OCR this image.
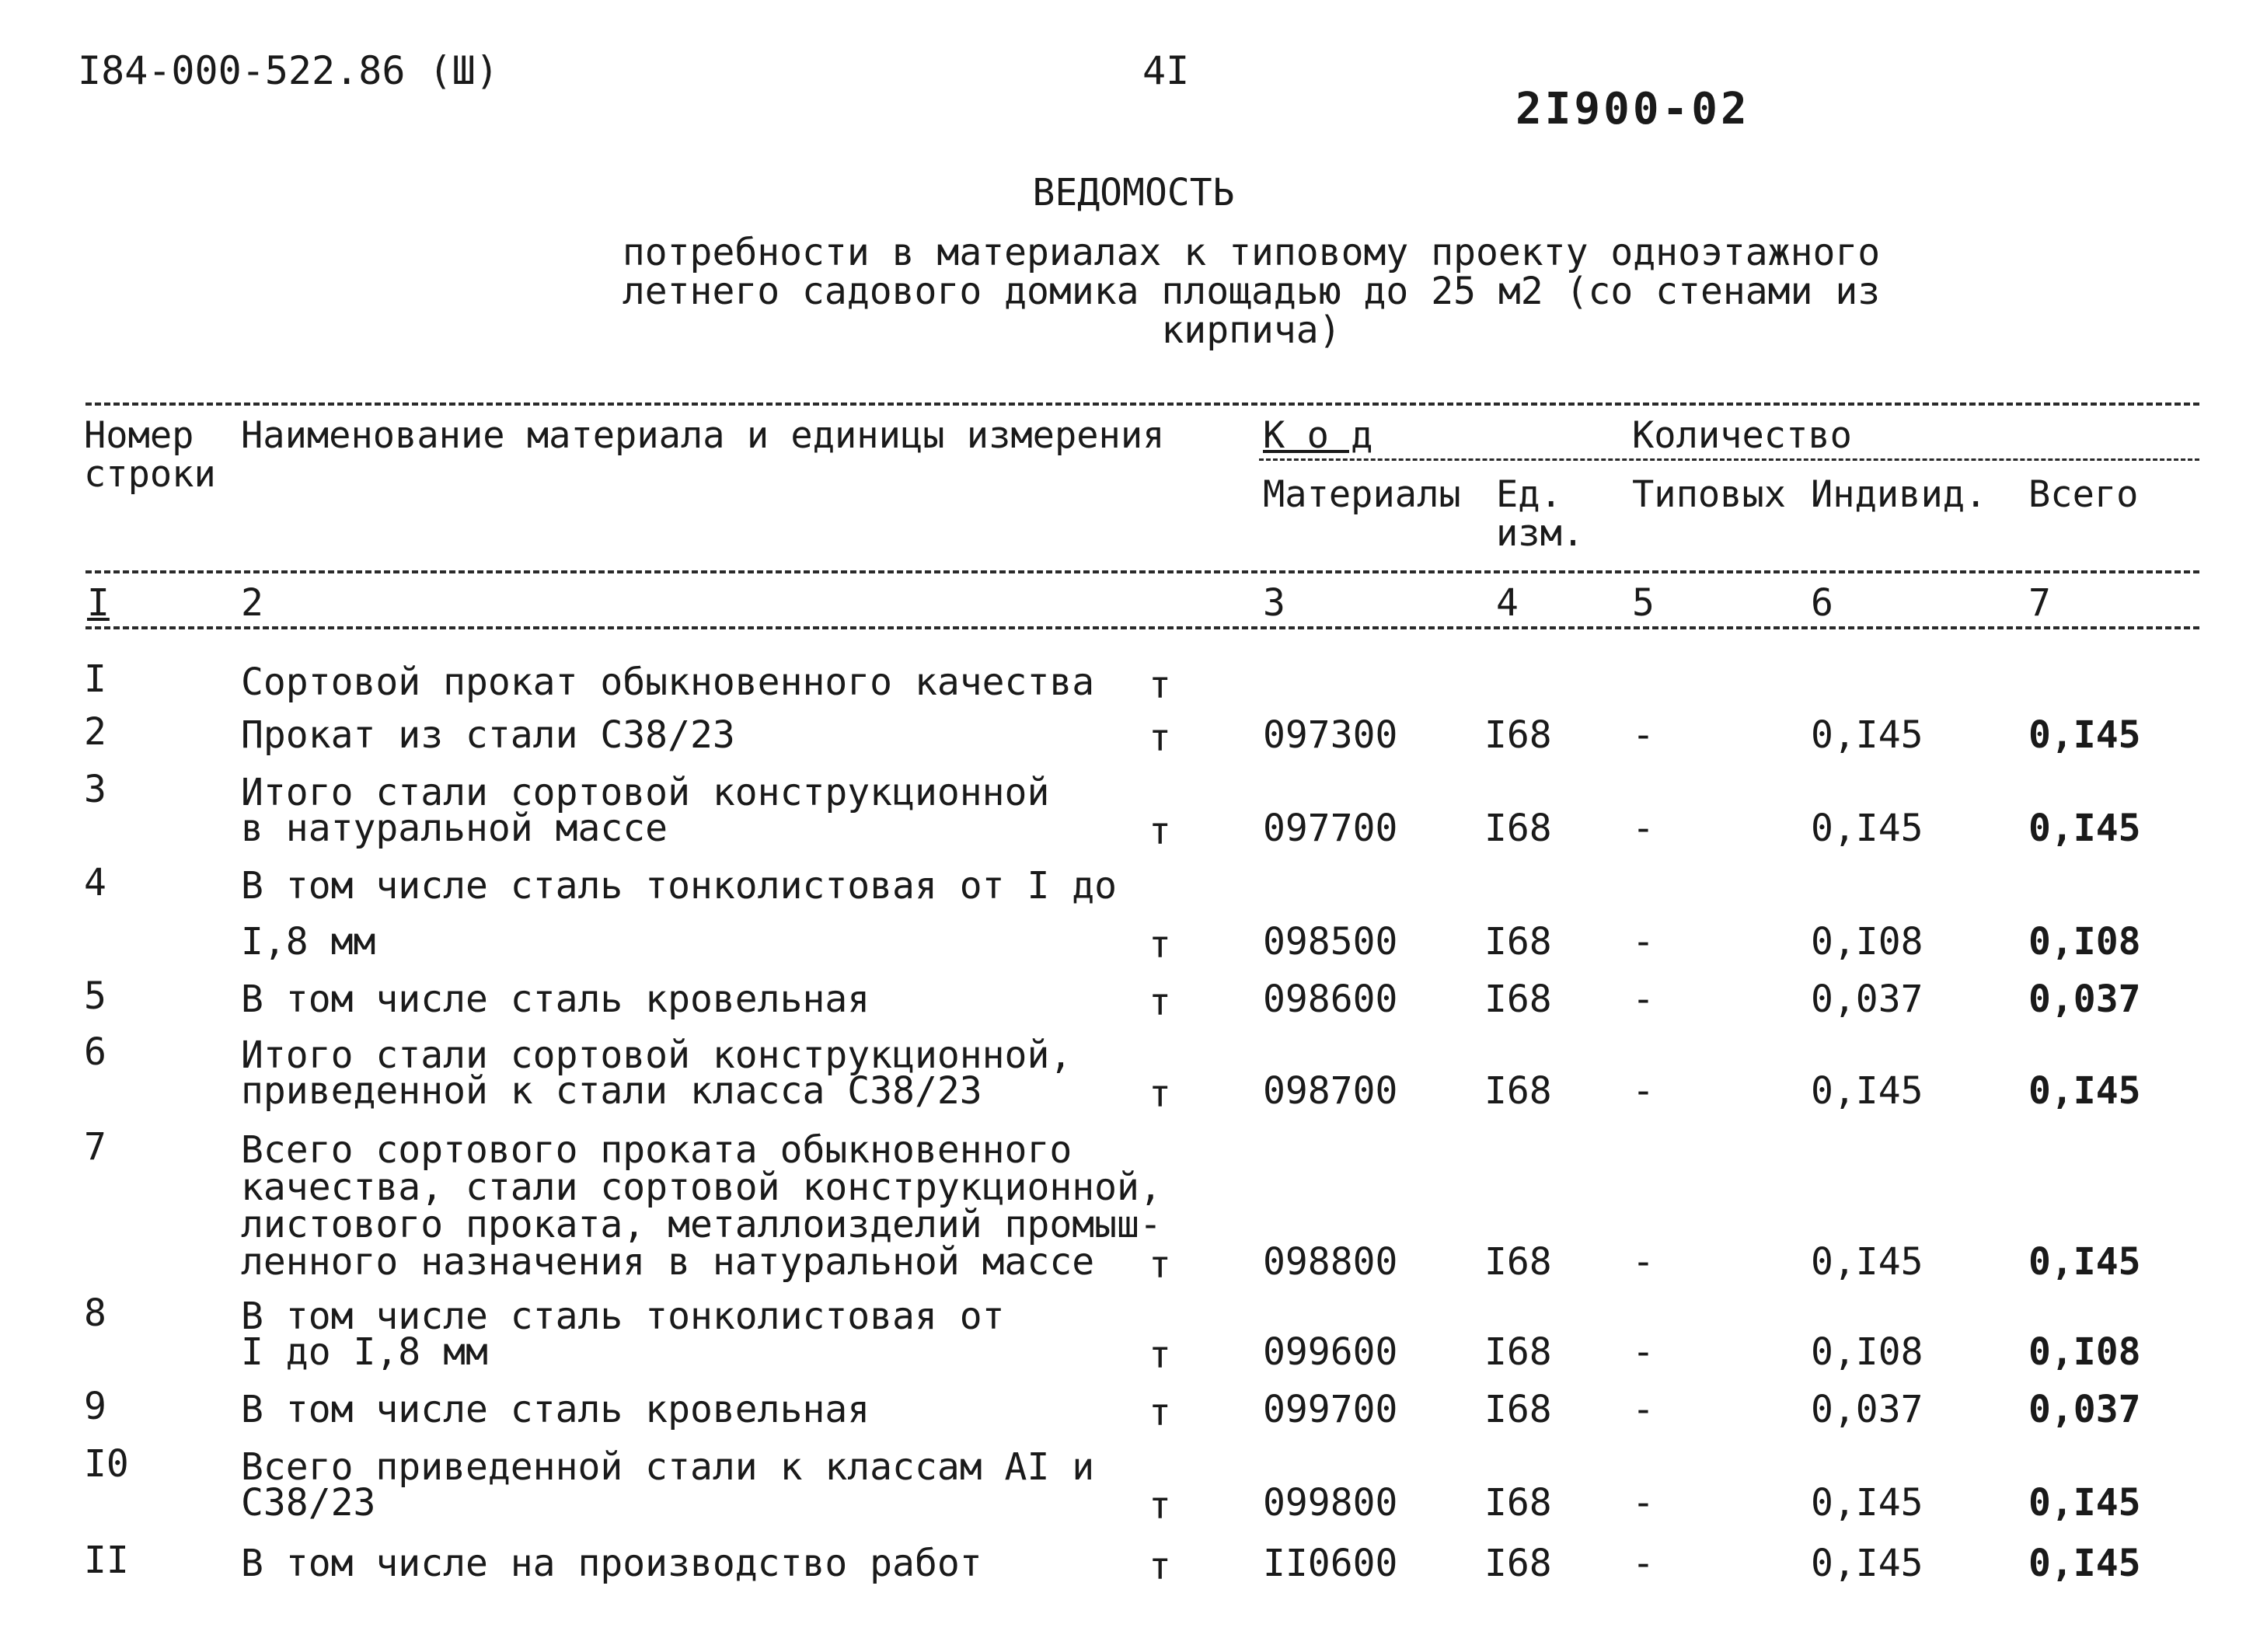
I84-000-522.86 (Ш)	4I
2I900-02
ВЕДОМОСТЬ
потребности в материалах к типовому проекту одноэтажного летнего садового домика площадью до 25 м2 (со стенами из кирпича)
Номер строки
Наименование материала и единицы измерения	К о д	Количество
Материалы Ед. изм.
Типовых Индивид. Всего
I	2	3	4	5	6	7
I	Сортовой прокат обыкновенного качества т
2	Прокат из стали С38/23	т 097300 I68 -	0,I45	0,I45
3	Итого стали сортовой конструкционной
в натуральной массе	т 097700 I68 -	0,I45	0,I45
4	В том числе сталь тонколистовая от I до
I,8 мм	т 098500 I68 -	0,I08	0,I08
5	В том числе сталь кровельная	т 098600 I68 -	0,037	0,037
6	Итого стали сортовой конструкционной,
приведенной к стали класса С38/23	т 098700 I68 -	0,I45	0,I45
7	Всего сортового проката обыкновенного
качества, стали сортовой конструкционной,
листового проката, металлоизделий промыш-
ленного назначения в натуральной массе т 098800 I68 -	0,I45	0,I45
8	В том числе сталь тонколистовая от
I до I,8 мм	т 099600 I68 -	0,I08	0,I08
9	В том числе сталь кровельная	т 099700 I68 -	0,037	0,037
I0	Всего приведенной стали к классам АI и
С38/23	т 099800 I68 -	0,I45	0,I45
II	В том числе на производство работ	т II0600 I68 -	0,I45	0,I45
